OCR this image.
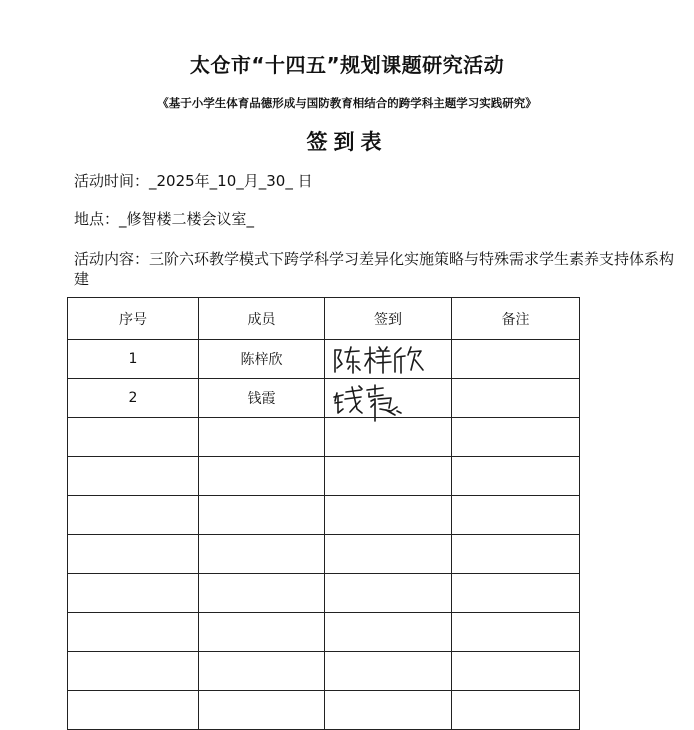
太仓市“十四五”规划课题研究活动
《基于小学生体育品德形成与国防教育相结合的跨学科主题学习实践研究》
签到表
活动时间：_2025年_10_月_30_ 日
地点：_修智楼二楼会议室_
活动内容：三阶六环教学模式下跨学科学习差异化实施策略与特殊需求学生素养支持体系构建
序号	成员	签到	备注
1	陈梓欣	

2	钱霞	
